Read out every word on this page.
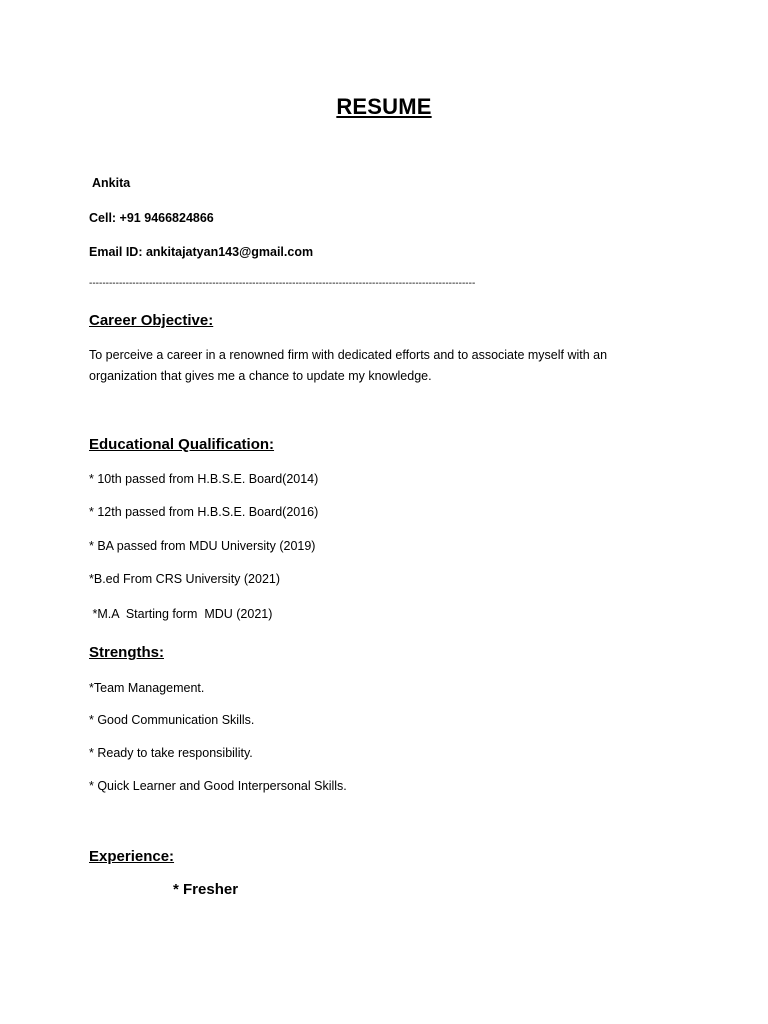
RESUME
Ankita
Cell: +91 9466824866
Email ID: ankitajatyan143@gmail.com
--------------------------------------------------------------------------------------------------------------------
Career Objective:
To perceive a career in a renowned firm with dedicated efforts and to associate myself with an
organization that gives me a chance to update my knowledge.
Educational Qualification:
* 10th passed from H.B.S.E. Board(2014)
* 12th passed from H.B.S.E. Board(2016)
* BA passed from MDU University (2019)
*B.ed From CRS University (2021)
*M.A  Starting form  MDU (2021)
Strengths:
*Team Management.
* Good Communication Skills.
* Ready to take responsibility.
* Quick Learner and Good Interpersonal Skills.
Experience:
* Fresher
